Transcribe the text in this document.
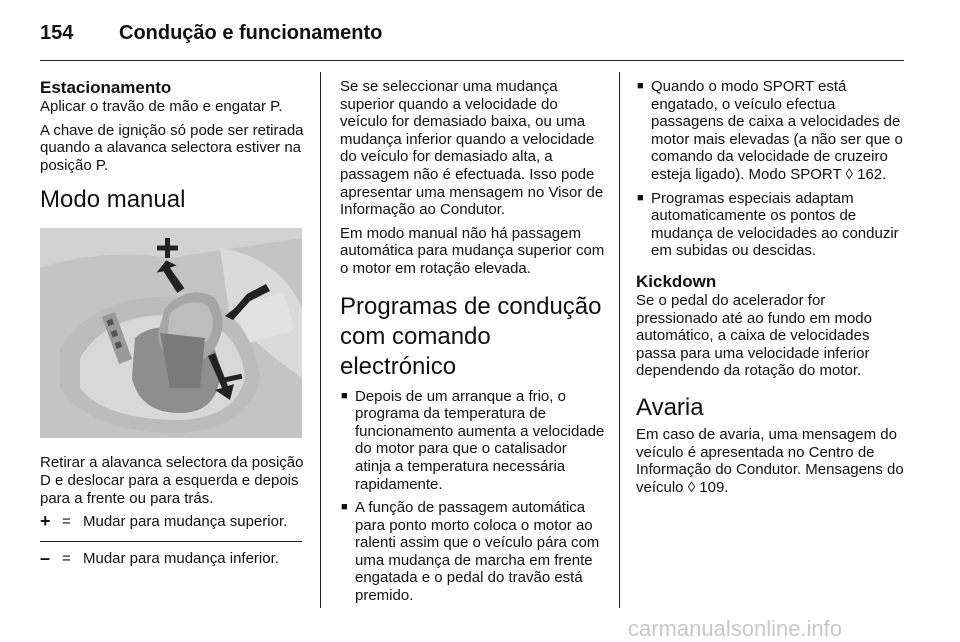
154 Condução e funcionamento
Estacionamento

Aplicar o travão de mão e engatar P.

A chave de ignição só pode ser retirada quando a alavanca selectora estiver na posição P.

Modo manual

Retirar a alavanca selectora da posição D e deslocar para a esquerda e depois para a frente ou para trás.

+ = Mudar para mudança superior.
– = Mudar para mudança inferior.

Se se seleccionar uma mudança superior quando a velocidade do veículo for demasiado baixa, ou uma mudança inferior quando a velocidade do veículo for demasiado alta, a passagem não é efectuada. Isso pode apresentar uma mensagem no Visor de Informação ao Condutor.

Em modo manual não há passagem automática para mudança superior com o motor em rotação elevada.

Programas de condução com comando electrónico
■ Depois de um arranque a frio, o programa da temperatura de funcionamento aumenta a velocidade do motor para que o catalisador atinja a temperatura necessária rapidamente.
■ A função de passagem automática para ponto morto coloca o motor ao ralenti assim que o veículo pára com uma mudança de marcha em frente engatada e o pedal do travão está premido.
■ Quando o modo SPORT está engatado, o veículo efectua passagens de caixa a velocidades de motor mais elevadas (a não ser que o comando da velocidade de cruzeiro esteja ligado). Modo SPORT ◊ 162.
■ Programas especiais adaptam automaticamente os pontos de mudança de velocidades ao conduzir em subidas ou descidas.
Kickdown

Se o pedal do acelerador for pressionado até ao fundo em modo automático, a caixa de velocidades passa para uma velocidade inferior dependendo da rotação do motor.

Avaria

Em caso de avaria, uma mensagem do veículo é apresentada no Centro de Informação do Condutor. Mensagens do veículo ◊ 109.

carmanualsonline.info
